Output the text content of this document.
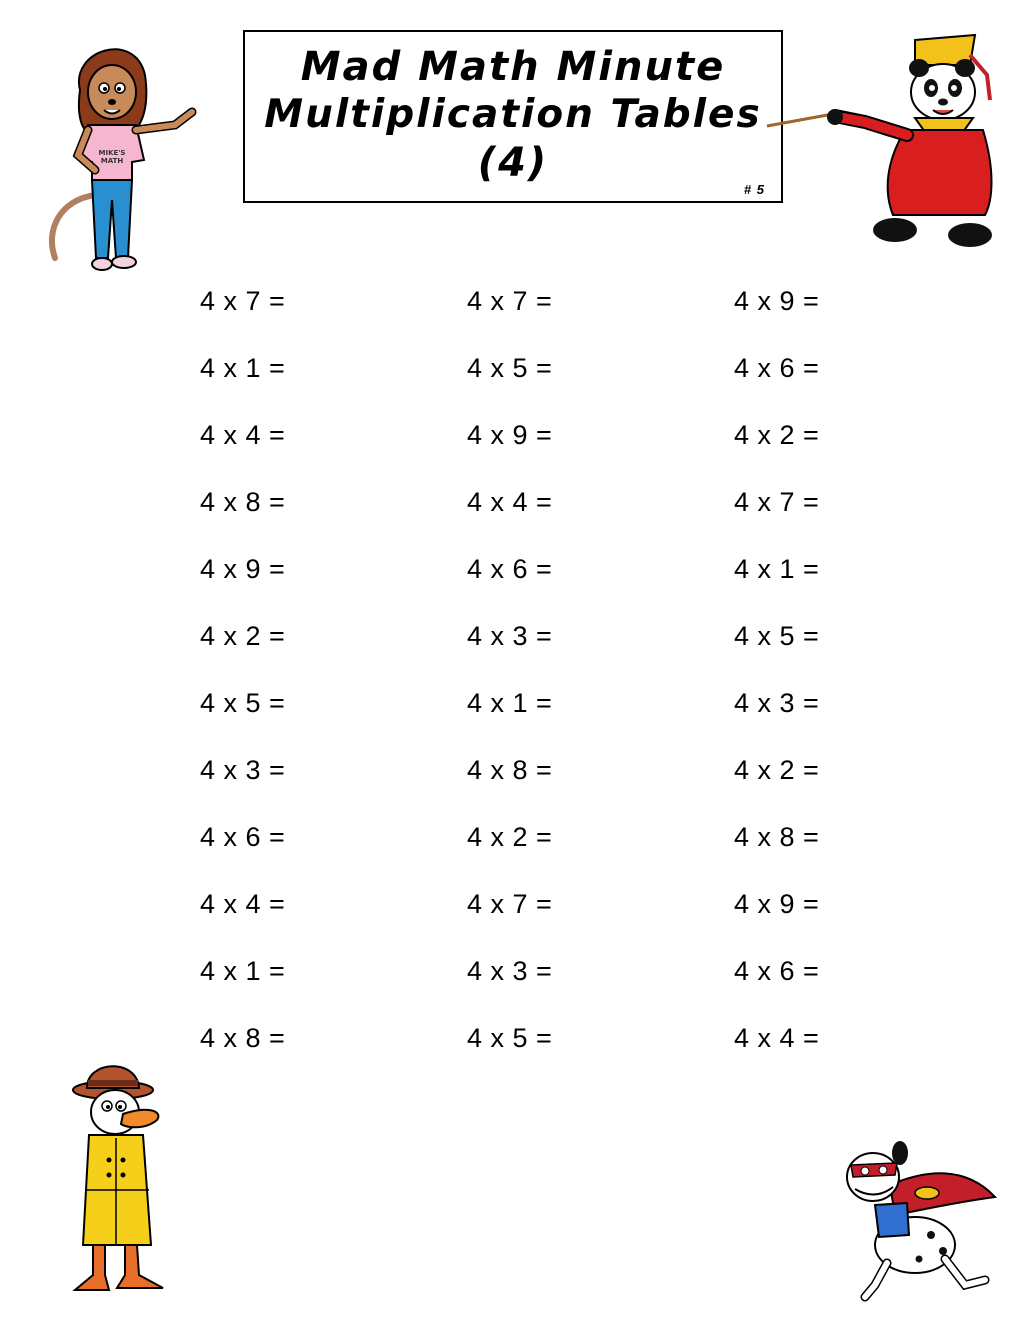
Mad Math Minute
Multiplication Tables
(4)
# 5
MIKE'S
MATH
4 x 7 =
4 x 1 =
4 x 4 =
4 x 8 =
4 x 9 =
4 x 2 =
4 x 5 =
4 x 3 =
4 x 6 =
4 x 4 =
4 x 1 =
4 x 8 =
4 x 7 =
4 x 5 =
4 x 9 =
4 x 4 =
4 x 6 =
4 x 3 =
4 x 1 =
4 x 8 =
4 x 2 =
4 x 7 =
4 x 3 =
4 x 5 =
4 x 9 =
4 x 6 =
4 x 2 =
4 x 7 =
4 x 1 =
4 x 5 =
4 x 3 =
4 x 2 =
4 x 8 =
4 x 9 =
4 x 6 =
4 x 4 =
